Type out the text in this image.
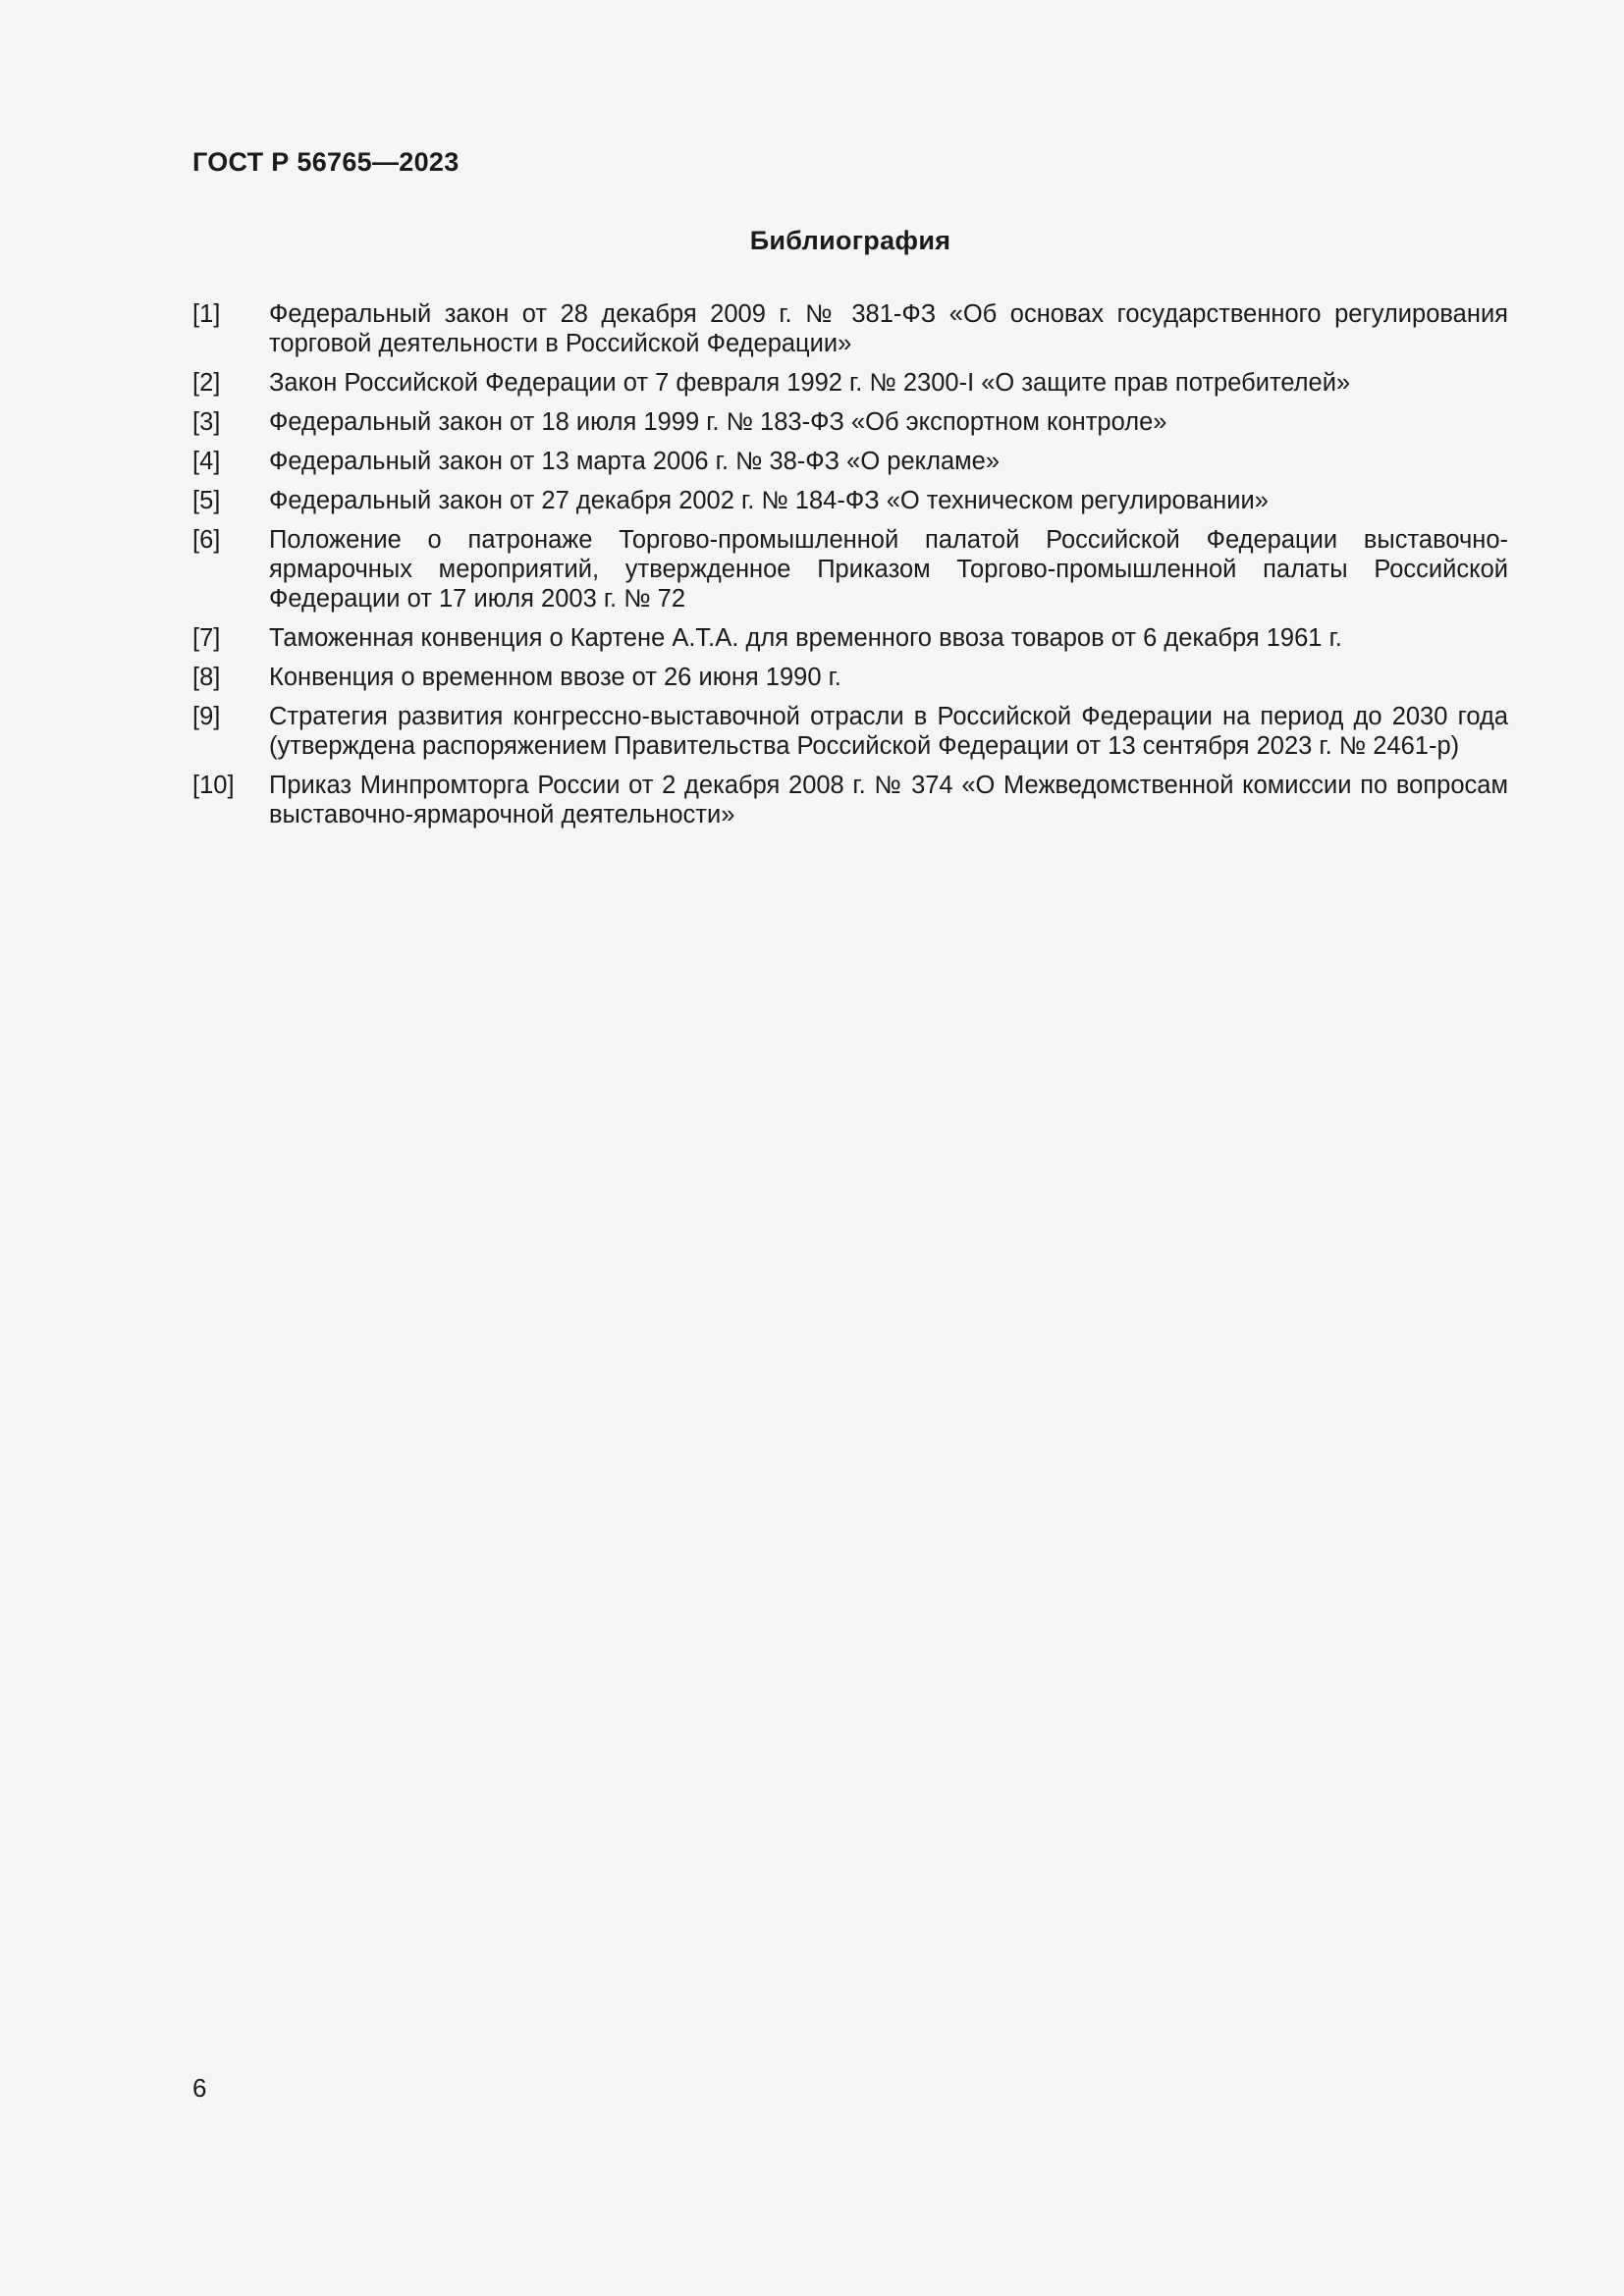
ГОСТ Р 56765—2023
Библиография
[1]	Федеральный закон от 28 декабря 2009 г. № 381-ФЗ «Об основах государственного регулирования торговой деятельности в Российской Федерации»
[2]	Закон Российской Федерации от 7 февраля 1992 г. № 2300-I «О защите прав потребителей»
[3]	Федеральный закон от 18 июля 1999 г. № 183-ФЗ «Об экспортном контроле»
[4]	Федеральный закон от 13 марта 2006 г. № 38-ФЗ «О рекламе»
[5]	Федеральный закон от 27 декабря 2002 г. № 184-ФЗ «О техническом регулировании»
[6]	Положение о патронаже Торгово-промышленной палатой Российской Федерации выставочно-ярмарочных мероприятий, утвержденное Приказом Торгово-промышленной палаты Российской Федерации от 17 июля 2003 г. № 72
[7]	Таможенная конвенция о Картене А.Т.А. для временного ввоза товаров от 6 декабря 1961 г.
[8]	Конвенция о временном ввозе от 26 июня 1990 г.
[9]	Стратегия развития конгрессно-выставочной отрасли в Российской Федерации на период до 2030 года (утверждена распоряжением Правительства Российской Федерации от 13 сентября 2023 г. № 2461-р)
[10]	Приказ Минпромторга России от 2 декабря 2008 г. № 374 «О Межведомственной комиссии по вопросам выставочно-ярмарочной деятельности»
6
